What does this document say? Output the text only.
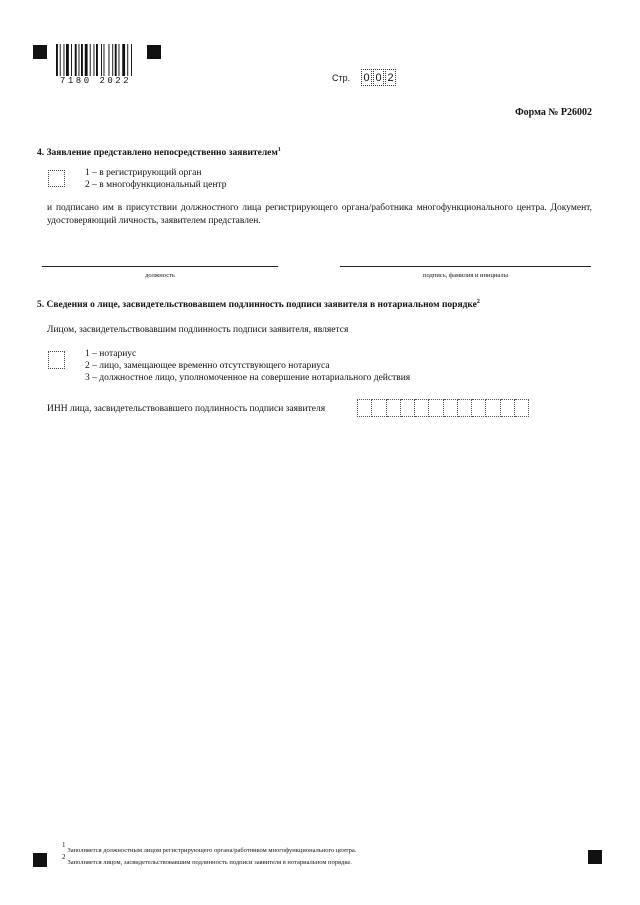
7180 2022	Стр. 0 0 2
Форма № Р26002
4. Заявление представлено непосредственно заявителем$^1$
1 – в регистрирующий орган
2 – в многофункциональный центр
и подписано им в присутствии должностного лица регистрирующего органа/работника многофункционального центра. Документ, удостоверяющий личность, заявителем представлен.
должность	подпись, фамилия и инициалы
5. Сведения о лице, засвидетельствовавшем подлинность подписи заявителя в нотариальном порядке$^2$
Лицом, засвидетельствовавшим подлинность подписи заявителя, является
1 – нотариус
2 – лицо, замещающее временно отсутствующего нотариуса
3 – должностное лицо, уполномоченное на совершение нотариального действия
ИНН лица, засвидетельствовавшего подлинность подписи заявителя
$^1$Заполняется должностным лицом регистрирующего органа/работником многофункционального центра.
$^2$Заполняется лицом, засвидетельствовавшим подлинность подписи заявителя в нотариальном порядке.
